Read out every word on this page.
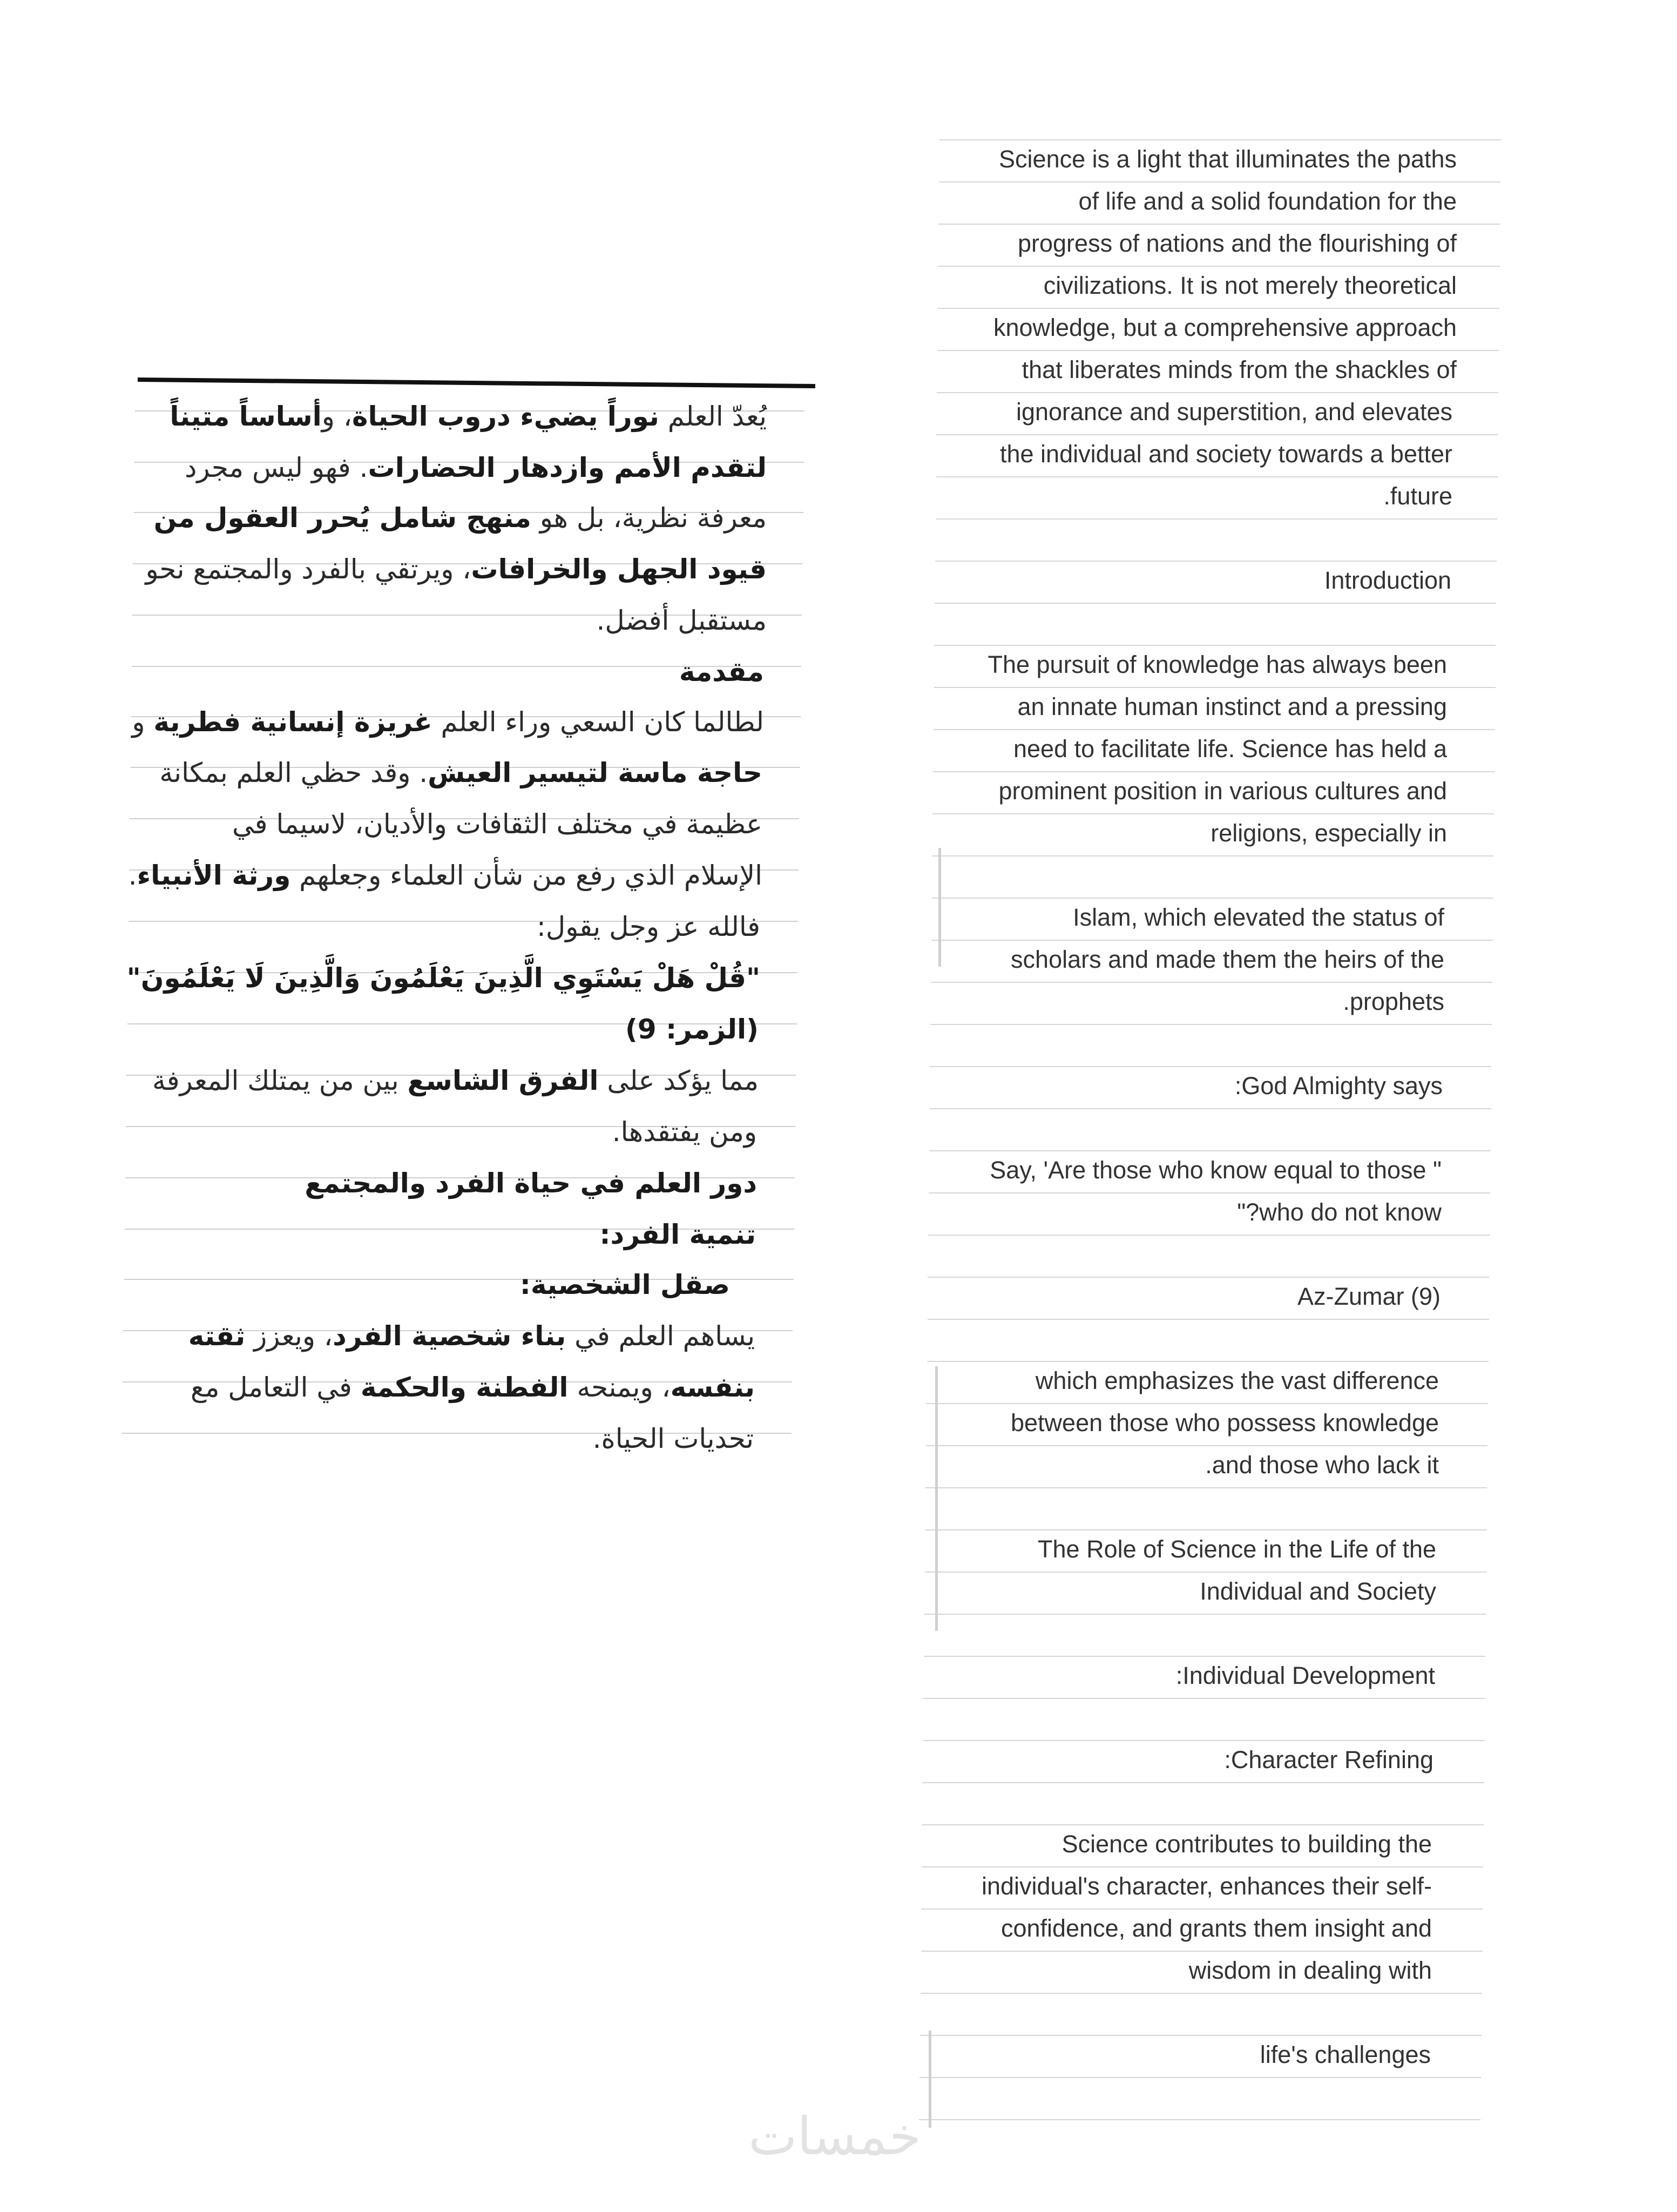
يُعدّ العلم نوراً يضيء دروب الحياة، وأساساً متيناً
لتقدم الأمم وازدهار الحضارات. فهو ليس مجرد
معرفة نظرية، بل هو منهج شامل يُحرر العقول من
قيود الجهل والخرافات، ويرتقي بالفرد والمجتمع نحو
مستقبل أفضل.
مقدمة
لطالما كان السعي وراء العلم غريزة إنسانية فطرية و
حاجة ماسة لتيسير العيش. وقد حظي العلم بمكانة
عظيمة في مختلف الثقافات والأديان، لاسيما في
الإسلام الذي رفع من شأن العلماء وجعلهم ورثة الأنبياء.
فالله عز وجل يقول:
"قُلْ هَلْ يَسْتَوِي الَّذِينَ يَعْلَمُونَ وَالَّذِينَ لَا يَعْلَمُونَ"
(الزمر: 9)
مما يؤكد على الفرق الشاسع بين من يمتلك المعرفة
ومن يفتقدها.
دور العلم في حياة الفرد والمجتمع
تنمية الفرد:
صقل الشخصية:
يساهم العلم في بناء شخصية الفرد، ويعزز ثقته
بنفسه، ويمنحه الفطنة والحكمة في التعامل مع
تحديات الحياة.
Science is a light that illuminates the paths
of life and a solid foundation for the
progress of nations and the flourishing of
civilizations. It is not merely theoretical
knowledge, but a comprehensive approach
that liberates minds from the shackles of
ignorance and superstition, and elevates
the individual and society towards a better
.future
Introduction
The pursuit of knowledge has always been
an innate human instinct and a pressing
need to facilitate life. Science has held a
prominent position in various cultures and
religions, especially in
Islam, which elevated the status of
scholars and made them the heirs of the
.prophets
:God Almighty says
Say, 'Are those who know equal to those "
"?who do not know
Az-Zumar (9)
which emphasizes the vast difference
between those who possess knowledge
.and those who lack it
The Role of Science in the Life of the
Individual and Society
:Individual Development
:Character Refining
Science contributes to building the
individual's character, enhances their self-
confidence, and grants them insight and
wisdom in dealing with
life's challenges
خمسات
